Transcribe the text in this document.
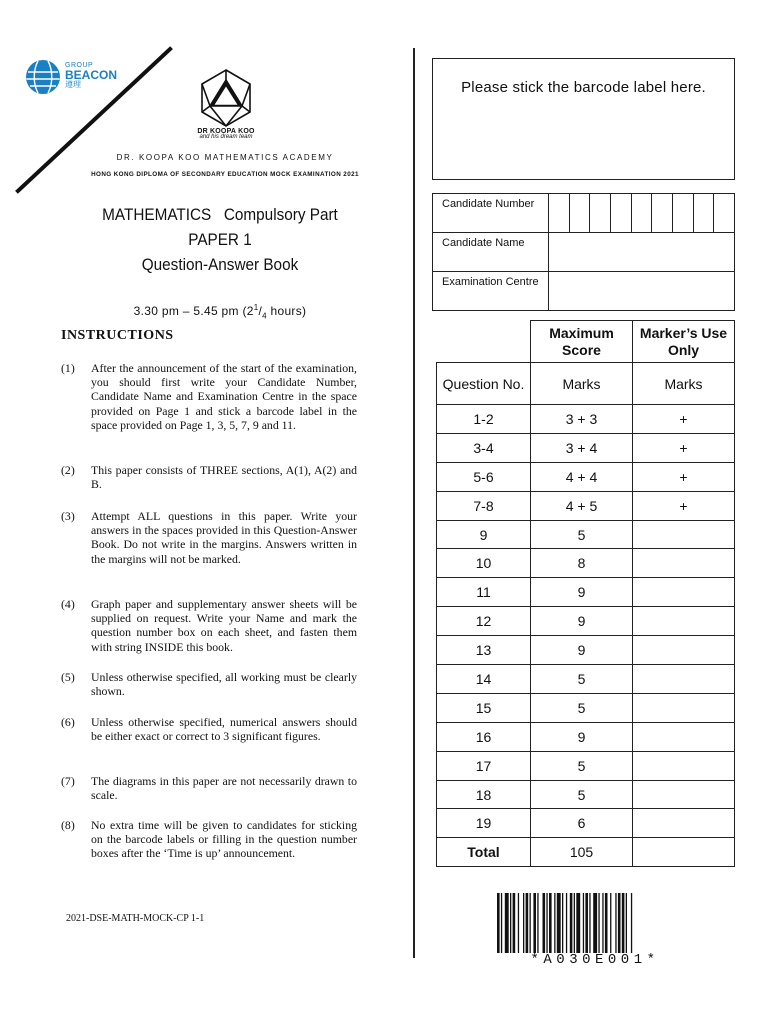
GROUP
BEACON
遵理
DR KOOPA KOO
and his dream team
DR. KOOPA KOO MATHEMATICS ACADEMY
HONG KONG DIPLOMA OF SECONDARY EDUCATION MOCK EXAMINATION 2021
MATHEMATICS Compulsory Part
PAPER 1
Question-Answer Book
3.30 pm – 5.45 pm ($2^1/_4$ hours)
INSTRUCTIONS
(1)	After the announcement of the start of the examination, you should first write your Candidate Number, Candidate Name and Examination Centre in the space provided on Page 1 and stick a barcode label in the space provided on Page 1, 3, 5, 7, 9 and 11.
(2)	This paper consists of THREE sections, A(1), A(2) and B.
(3)	Attempt ALL questions in this paper. Write your answers in the spaces provided in this Question-Answer Book. Do not write in the margins. Answers written in the margins will not be marked.
(4)	Graph paper and supplementary answer sheets will be supplied on request. Write your Name and mark the question number box on each sheet, and fasten them with string INSIDE this book.
(5)	Unless otherwise specified, all working must be clearly shown.
(6)	Unless otherwise specified, numerical answers should be either exact or correct to 3 significant figures.
(7)	The diagrams in this paper are not necessarily drawn to scale.
(8)	No extra time will be given to candidates for sticking on the barcode labels or filling in the question number boxes after the ‘Time is up’ announcement.
2021-DSE-MATH-MOCK-CP 1-1
Please stick the barcode label here.
Candidate Number									
Candidate Name									
Examination Centre									
	Maximum Score	Marker’s Use Only
Question No.	Marks	Marks
1-2	3 + 3	+
3-4	3 + 4	+
5-6	4 + 4	+
7-8	4 + 5	+
9	5	
10	8	
11	9	
12	9	
13	9	
14	5	
15	5	
16	9	
17	5	
18	5	
19	6	
Total	105	
*A030E001*
